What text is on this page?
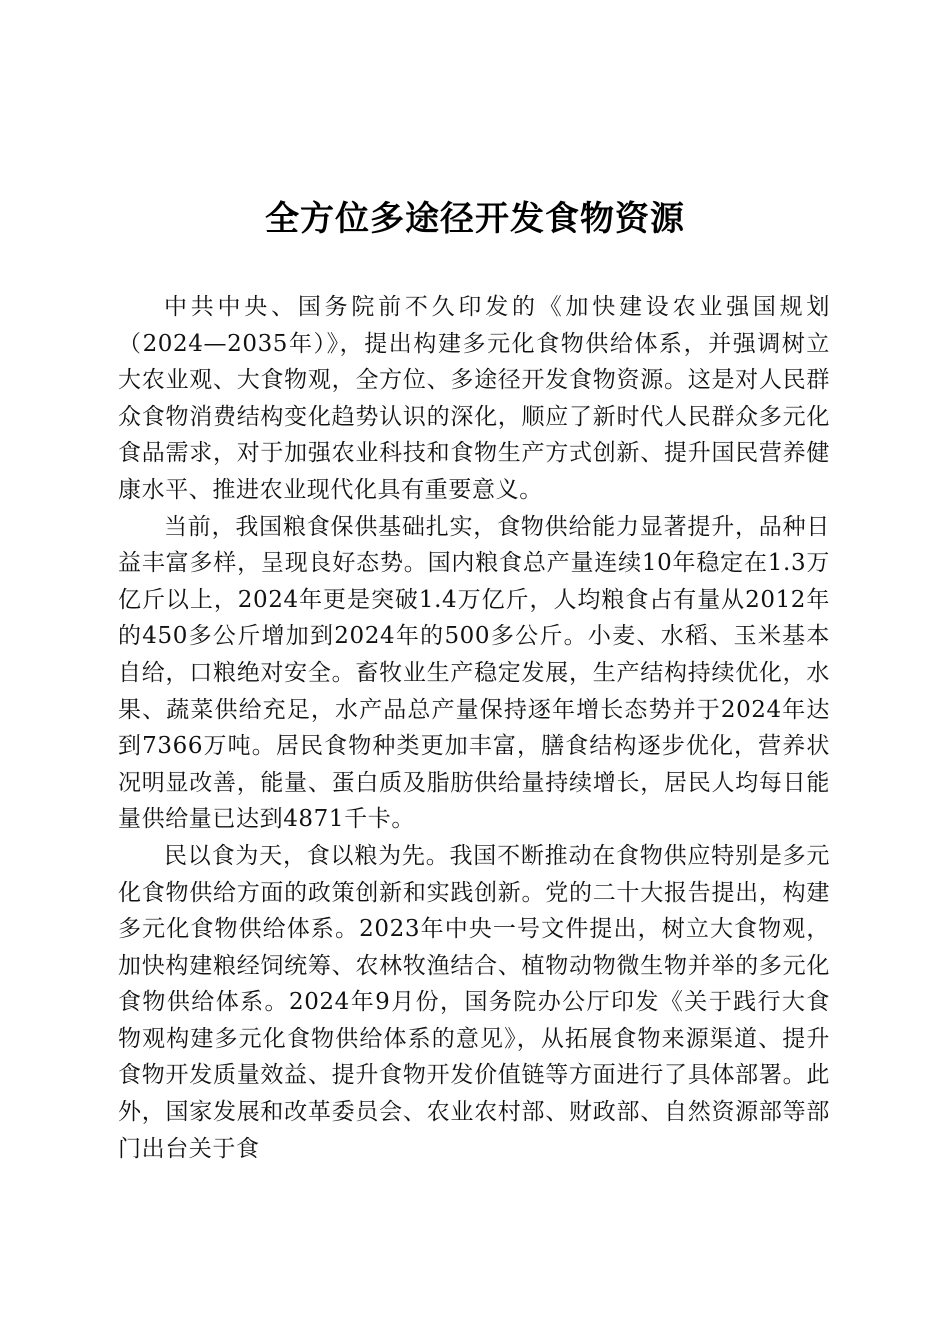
全方位多途径开发食物资源

中共中央、国务院前不久印发的《加快建设农业强国规划（2024—2035年）》，提出构建多元化食物供给体系，并强调树立大农业观、大食物观，全方位、多途径开发食物资源。这是对人民群众食物消费结构变化趋势认识的深化，顺应了新时代人民群众多元化食品需求，对于加强农业科技和食物生产方式创新、提升国民营养健康水平、推进农业现代化具有重要意义。

当前，我国粮食保供基础扎实，食物供给能力显著提升，品种日益丰富多样，呈现良好态势。国内粮食总产量连续10年稳定在1.3万亿斤以上，2024年更是突破1.4万亿斤，人均粮食占有量从2012年的450多公斤增加到2024年的500多公斤。小麦、水稻、玉米基本自给，口粮绝对安全。畜牧业生产稳定发展，生产结构持续优化，水果、蔬菜供给充足，水产品总产量保持逐年增长态势并于2024年达到7366万吨。居民食物种类更加丰富，膳食结构逐步优化，营养状况明显改善，能量、蛋白质及脂肪供给量持续增长，居民人均每日能量供给量已达到4871千卡。

民以食为天，食以粮为先。我国不断推动在食物供应特别是多元化食物供给方面的政策创新和实践创新。党的二十大报告提出，构建多元化食物供给体系。2023年中央一号文件提出，树立大食物观，加快构建粮经饲统筹、农林牧渔结合、植物动物微生物并举的多元化食物供给体系。2024年9月份，国务院办公厅印发《关于践行大食物观构建多元化食物供给体系的意见》，从拓展食物来源渠道、提升食物开发质量效益、提升食物开发价值链等方面进行了具体部署。此外，国家发展和改革委员会、农业农村部、财政部、自然资源部等部门出台关于食
